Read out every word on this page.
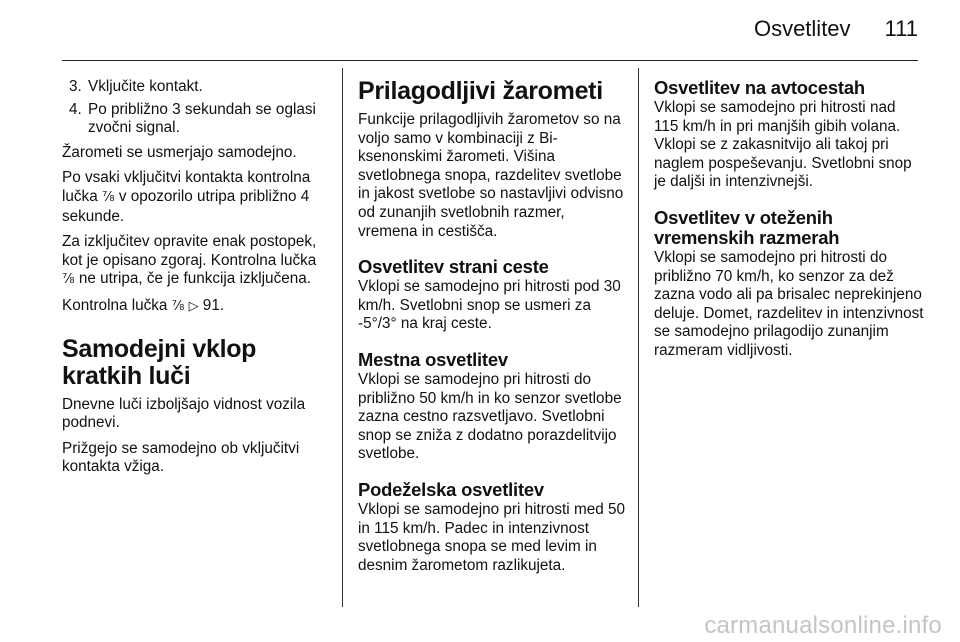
Osvetlitev 111
3. Vključite kontakt.
4. Po približno 3 sekundah se oglasi zvočni signal.

Žarometi se usmerjajo samodejno.

Po vsaki vključitvi kontakta kontrolna lučka ⅞ v opozorilo utripa približno 4 sekunde.

Za izključitev opravite enak postopek, kot je opisano zgoraj. Kontrolna lučka ⅞ ne utripa, če je funkcija izključena.

Kontrolna lučka ⅞ ▷ 91.

Samodejni vklop kratkih luči

Dnevne luči izboljšajo vidnost vozila podnevi.

Prižgejo se samodejno ob vključitvi kontakta vžiga.

Prilagodljivi žarometi

Funkcije prilagodljivih žarometov so na voljo samo v kombinaciji z Bi-ksenonskimi žarometi. Višina svetlobnega snopa, razdelitev svetlobe in jakost svetlobe so nastavljivi odvisno od zunanjih svetlobnih razmer, vremena in cestišča.

Osvetlitev strani ceste

Vklopi se samodejno pri hitrosti pod 30 km/h. Svetlobni snop se usmeri za -5°/3° na kraj ceste.

Mestna osvetlitev

Vklopi se samodejno pri hitrosti do približno 50 km/h in ko senzor svetlobe zazna cestno razsvetljavo. Svetlobni snop se zniža z dodatno porazdelitvijo svetlobe.

Podeželska osvetlitev

Vklopi se samodejno pri hitrosti med 50 in 115 km/h. Padec in intenzivnost svetlobnega snopa se med levim in desnim žarometom razlikujeta.

Osvetlitev na avtocestah

Vklopi se samodejno pri hitrosti nad 115 km/h in pri manjših gibih volana. Vklopi se z zakasnitvijo ali takoj pri naglem pospeševanju. Svetlobni snop je daljši in intenzivnejši.

Osvetlitev v oteženih vremenskih razmerah

Vklopi se samodejno pri hitrosti do približno 70 km/h, ko senzor za dež zazna vodo ali pa brisalec neprekinjeno deluje. Domet, razdelitev in intenzivnost se samodejno prilagodijo zunanjim razmeram vidljivosti.

carmanualsonline.info
